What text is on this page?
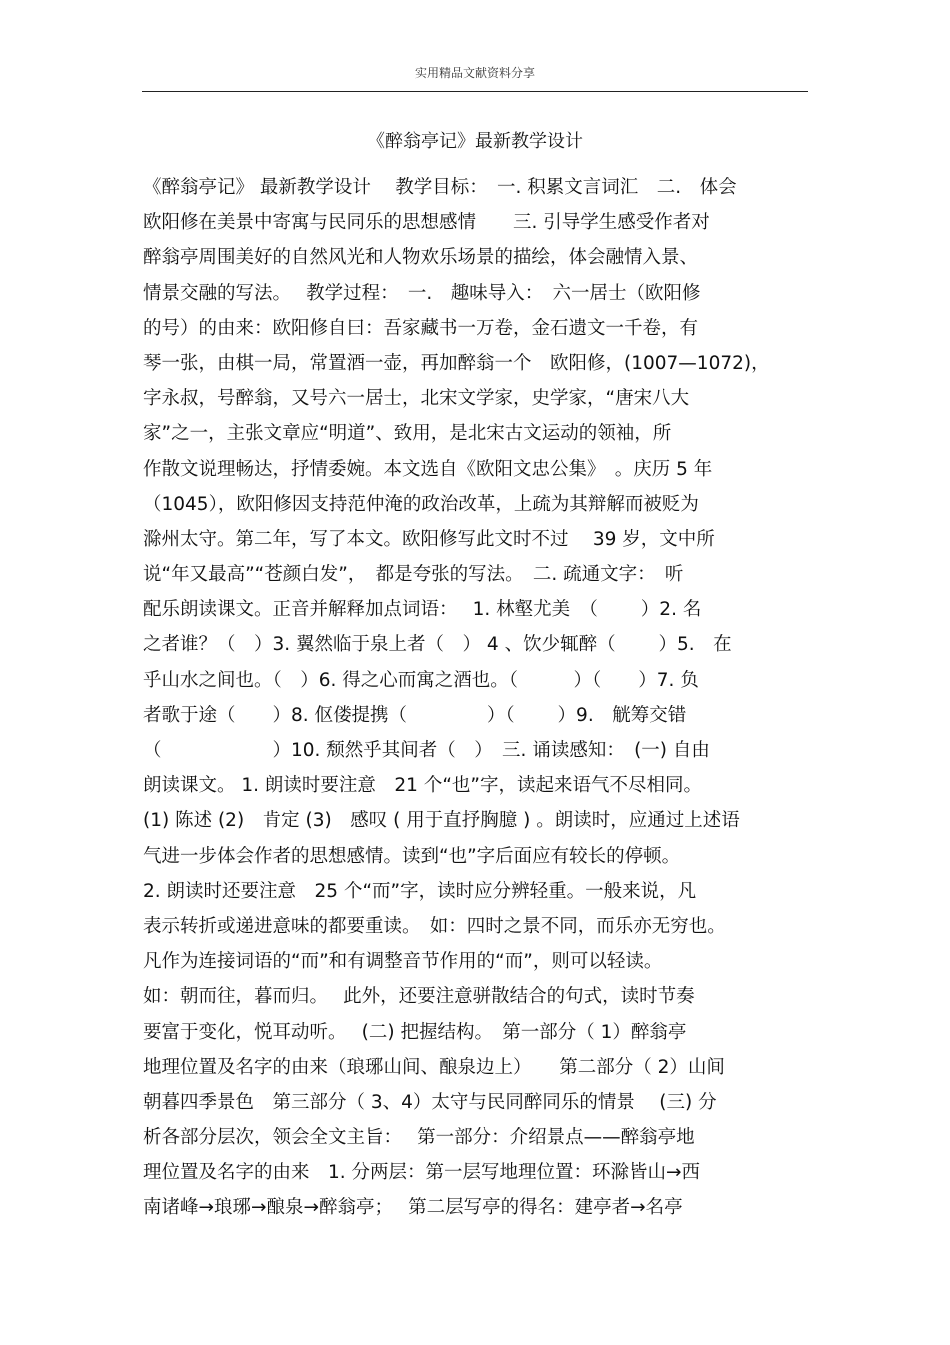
实用精品文献资料分享
《醉翁亭记》最新教学设计
《醉翁亭记》 最新教学设计　 教学目标：　一. 积累文言词汇　二.　体会
欧阳修在美景中寄寓与民同乐的思想感情　　三. 引导学生感受作者对
醉翁亭周围美好的自然风光和人物欢乐场景的描绘，体会融情入景、
情景交融的写法。　 教学过程：　一.　趣味导入：　六一居士（欧阳修
的号）的由来：欧阳修自曰：吾家藏书一万卷，金石遗文一千卷，有
琴一张，由棋一局，常置酒一壶，再加醉翁一个　欧阳修，(1007—1072)，
字永叔，号醉翁，又号六一居士，北宋文学家，史学家，“唐宋八大
家”之一，主张文章应“明道”、致用，是北宋古文运动的领袖，所
作散文说理畅达，抒情委婉。本文选自《欧阳文忠公集》　。庆历 5 年
（1045），欧阳修因支持范仲淹的政治改革，上疏为其辩解而被贬为
滁州太守。第二年，写了本文。欧阳修写此文时不过　 39 岁，文中所
说“年又最高”“苍颜白发”，　都是夸张的写法。　二. 疏通文字：　听
配乐朗读课文。正音并解释加点词语：　 1. 林壑尤美　（　　 ）2. 名
之者谁？（　）3. 翼然临于泉上者（　） 4 、饮少辄醉（　　 ）5.　在
乎山水之间也。（　）6. 得之心而寓之酒也。（　　　）（　　）7. 负
者歌于途（　　）8. 伛偻提携（　　　　 ）（　　 ）9.　觥筹交错
（　　　　　　）10. 颓然乎其间者（　）　三. 诵读感知：　(一) 自由
朗读课文。 1. 朗读时要注意　21 个“也”字，读起来语气不尽相同。
(1) 陈述 (2)　肯定 (3)　感叹 ( 用于直抒胸臆 ) 。朗读时，应通过上述语
气进一步体会作者的思想感情。读到“也”字后面应有较长的停顿。
2. 朗读时还要注意　25 个“而”字，读时应分辨轻重。一般来说，凡
表示转折或递进意味的都要重读。　如：四时之景不同，而乐亦无穷也。
凡作为连接词语的“而”和有调整音节作用的“而”，则可以轻读。
如：朝而往，暮而归。　 此外，还要注意骈散结合的句式，读时节奏
要富于变化，悦耳动听。　 (二) 把握结构。　第一部分（ 1）醉翁亭
地理位置及名字的由来（琅琊山间、酿泉边上）　　第二部分（ 2）山间
朝暮四季景色　第三部分（ 3、4）太守与民同醉同乐的情景　 (三) 分
析各部分层次，领会全文主旨：　 第一部分：介绍景点——醉翁亭地
理位置及名字的由来　1. 分两层：第一层写地理位置：环滁皆山→西
南诸峰→琅琊→酿泉→醉翁亭；　 第二层写亭的得名：建亭者→名亭
